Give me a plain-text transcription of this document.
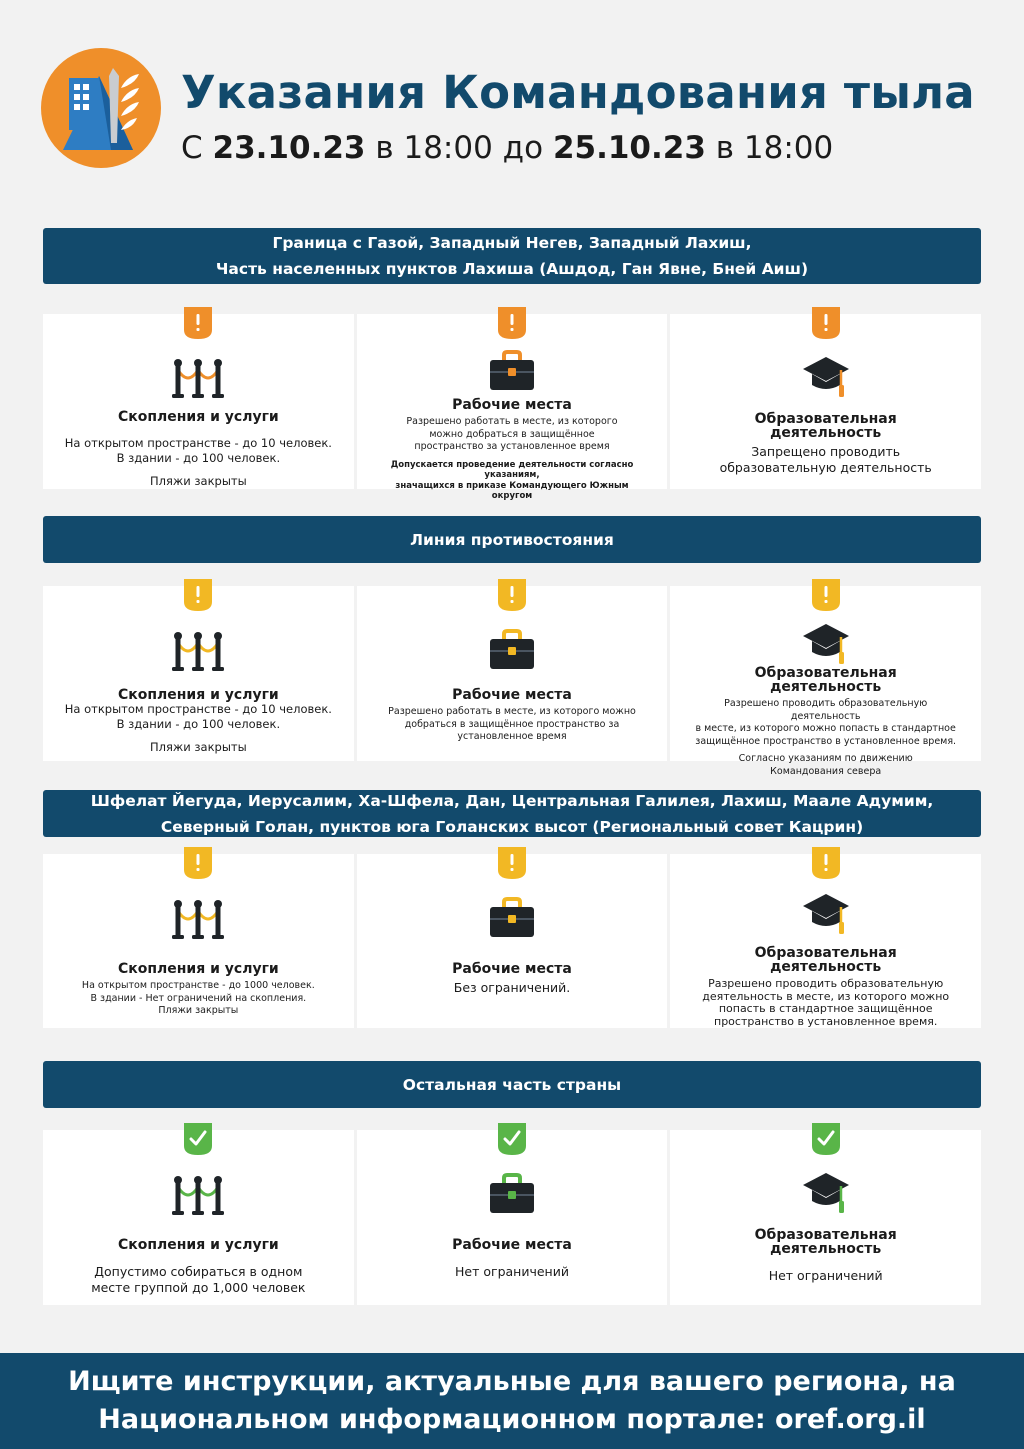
Указания Командования тыла
С 23.10.23 в 18:00 до 25.10.23 в 18:00
Граница с Газой, Западный Негев, Западный Лахиш,
Часть населенных пунктов Лахиша (Ашдод, Ган Явне, Бней Аиш)
Скопления и услуги
На открытом пространстве - до 10 человек.
В здании - до 100 человек.
Пляжи закрыты
Рабочие места
Разрешено работать в месте, из которого
можно добраться в защищённое
пространство за установленное время
Допускается проведение деятельности согласно указаниям,
значащихся в приказе Командующего Южным округом
Образовательная деятельность
Запрещено проводить
образовательную деятельность
Линия противостояния
Скопления и услуги
На открытом пространстве - до 10 человек.
В здании - до 100 человек.
Пляжи закрыты
Рабочие места
Разрешено работать в месте, из которого можно
добраться в защищённое пространство за
установленное время
Образовательная деятельность
Разрешено проводить образовательную деятельность
в месте, из которого можно попасть в стандартное
защищённое пространство в установленное время.
Согласно указаниям по движению
Командования севера
Шфелат Йегуда, Иерусалим, Ха-Шфела, Дан, Центральная Галилея, Лахиш, Маале Адумим,
Северный Голан, пунктов юга Голанских высот (Региональный совет Кацрин)
Скопления и услуги
На открытом пространстве - до 1000 человек.
В здании - Нет ограничений на скопления.
Пляжи закрыты
Рабочие места
Без ограничений.
Образовательная деятельность
Разрешено проводить образовательную
деятельность в месте, из которого можно
попасть в стандартное защищённое
пространство в установленное время.
Остальная часть страны
Скопления и услуги
Допустимо собираться в одном
месте группой до 1,000 человек
Рабочие места
Нет ограничений
Образовательная деятельность
Нет ограничений
Ищите инструкции, актуальные для вашего региона, на
Национальном информационном портале: oref.org.il
